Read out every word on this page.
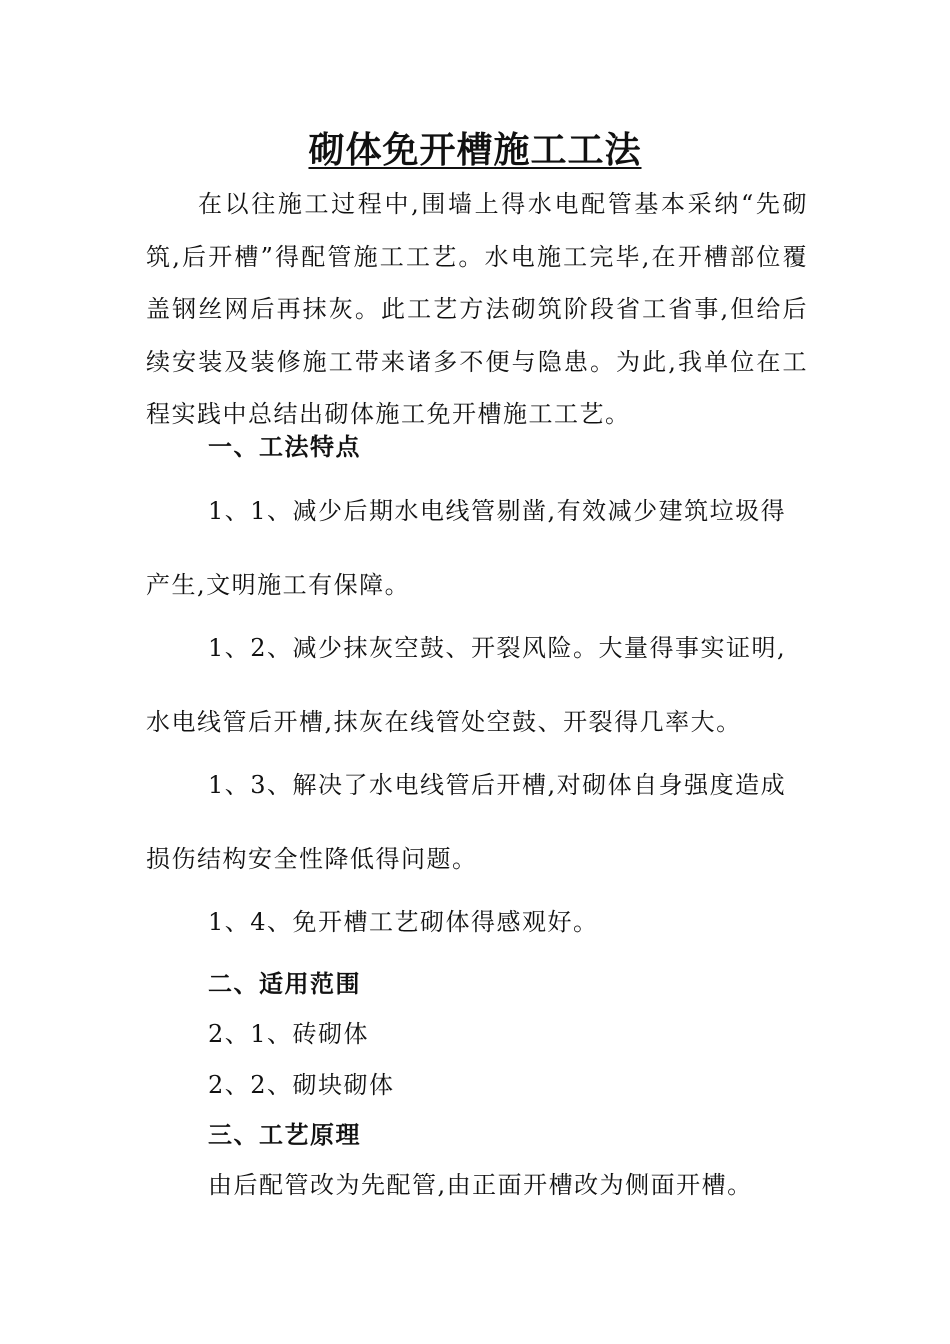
砌体免开槽施工工法

在以往施工过程中,围墙上得水电配管基本采纳“先砌筑,后开槽”得配管施工工艺。水电施工完毕,在开槽部位覆盖钢丝网后再抹灰。此工艺方法砌筑阶段省工省事,但给后续安装及装修施工带来诸多不便与隐患。为此,我单位在工程实践中总结出砌体施工免开槽施工工艺。

一、工法特点
1、1、减少后期水电线管剔凿,有效减少建筑垃圾得
产生,文明施工有保障。
1、2、减少抹灰空鼓、开裂风险。大量得事实证明,
水电线管后开槽,抹灰在线管处空鼓、开裂得几率大。
1、3、解决了水电线管后开槽,对砌体自身强度造成
损伤结构安全性降低得问题。
1、4、免开槽工艺砌体得感观好。
二、适用范围
2、1、砖砌体
2、2、砌块砌体
三、工艺原理
由后配管改为先配管,由正面开槽改为侧面开槽。
